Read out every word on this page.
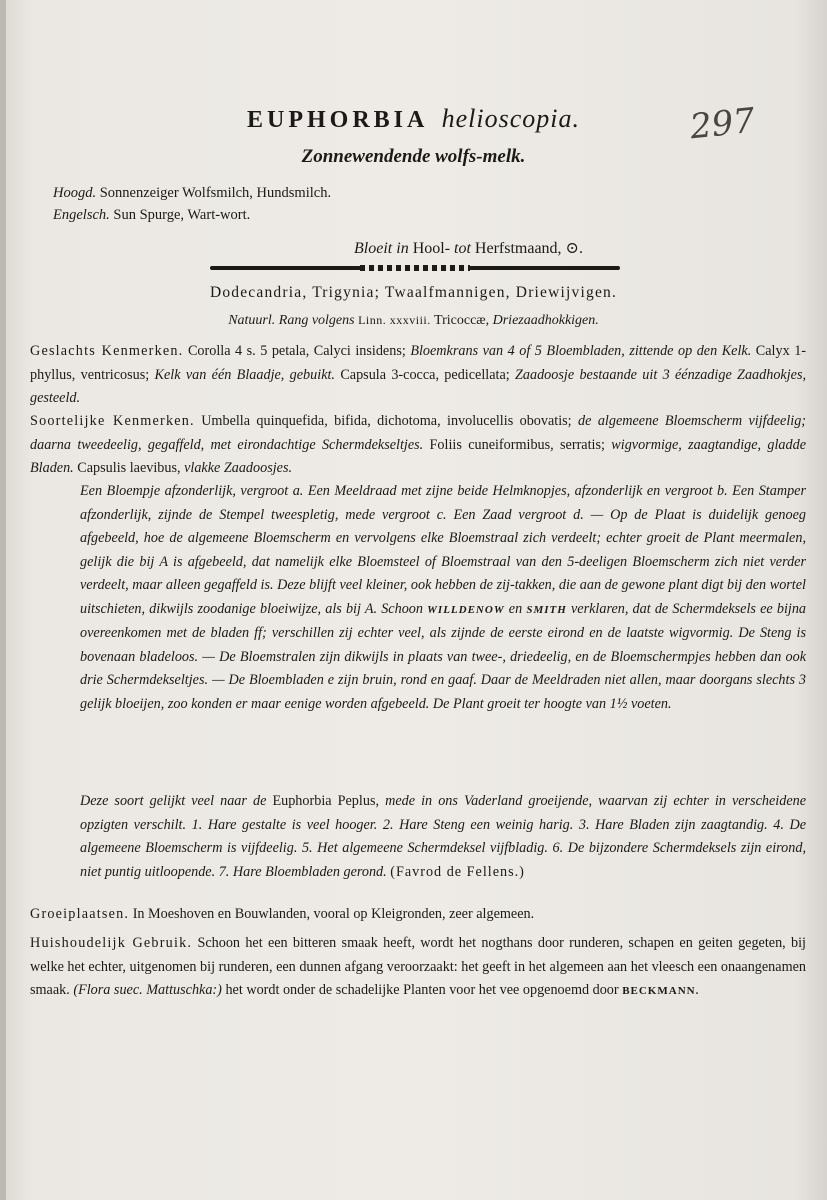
EUPHORBIA helioscopia.	297
Zonnewendende wolfs-melk.
Hoogd. Sonnenzeiger Wolfsmilch, Hundsmilch.
Engelsch. Sun Spurge, Wart-wort.
Bloeit in Hool- tot Herfstmaand, ⊙.
Dodecandria, Trigynia; Twaalfmannigen, Driewijvigen.
Natuurl. Rang volgens Linn. xxxviii. Tricoccæ, Driezaadhokkigen.

Geslachts Kenmerken. Corolla 4 s. 5 petala, Calyci insidens; Bloemkrans van 4 of 5 Bloembladen, zittende op den Kelk. Calyx 1-phyllus, ventricosus; Kelk van één Blaadje, gebuikt. Capsula 3-cocca, pedicellata; Zaadoosje bestaande uit 3 éénzadige Zaadhokjes, gesteeld.

Soortelijke Kenmerken. Umbella quinquefida, bifida, dichotoma, involucellis obovatis; de algemeene Bloemscherm vijfdeelig; daarna tweedeelig, gegaffeld, met eirondachtige Schermdekseltjes. Foliis cuneiformibus, serratis; wigvormige, zaagtandige, gladde Bladen. Capsulis laevibus, vlakke Zaadoosjes.

Een Bloempje afzonderlijk, vergroot a. Een Meeldraad met zijne beide Helmknopjes, afzonderlijk en vergroot b. Een Stamper afzonderlijk, zijnde de Stempel tweespletig, mede vergroot c. Een Zaad vergroot d. — Op de Plaat is duidelijk genoeg afgebeeld, hoe de algemeene Bloemscherm en vervolgens elke Bloemstraal zich verdeelt; echter groeit de Plant meermalen, gelijk die bij A is afgebeeld, dat namelijk elke Bloemsteel of Bloemstraal van den 5-deeligen Bloemscherm zich niet verder verdeelt, maar alleen gegaffeld is. Deze blijft veel kleiner, ook hebben de zij-takken, die aan de gewone plant digt bij den wortel uitschieten, dikwijls zoodanige bloeiwijze, als bij A. Schoon WILLDENOW en SMITH verklaren, dat de Schermdeksels ee bijna overeenkomen met de bladen ff; verschillen zij echter veel, als zijnde de eerste eirond en de laatste wigvormig. De Steng is bovenaan bladeloos. — De Bloemstralen zijn dikwijls in plaats van twee-, driedeelig, en de Bloemschermpjes hebben dan ook drie Schermdekseltjes. — De Bloembladen e zijn bruin, rond en gaaf. Daar de Meeldraden niet allen, maar doorgans slechts 3 gelijk bloeijen, zoo konden er maar eenige worden afgebeeld. De Plant groeit ter hoogte van 1½ voeten.

Deze soort gelijkt veel naar de Euphorbia Peplus, mede in ons Vaderland groeijende, waarvan zij echter in verscheidene opzigten verschilt. 1. Hare gestalte is veel hooger. 2. Hare Steng een weinig harig. 3. Hare Bladen zijn zaagtandig. 4. De algemeene Bloemscherm is vijfdeelig. 5. Het algemeene Schermdeksel vijfbladig. 6. De bijzondere Schermdeksels zijn eirond, niet puntig uitloopende. 7. Hare Bloembladen gerond. (Favrod de Fellens.)

Groeiplaatsen. In Moeshoven en Bouwlanden, vooral op Kleigronden, zeer algemeen.

Huishoudelijk Gebruik. Schoon het een bitteren smaak heeft, wordt het nogthans door runderen, schapen en geiten gegeten, bij welke het echter, uitgenomen bij runderen, een dunnen afgang veroorzaakt: het geeft in het algemeen aan het vleesch een onaangenamen smaak. (Flora suec. Mattuschka:) het wordt onder de schadelijke Planten voor het vee opgenoemd door BECKMANN.
